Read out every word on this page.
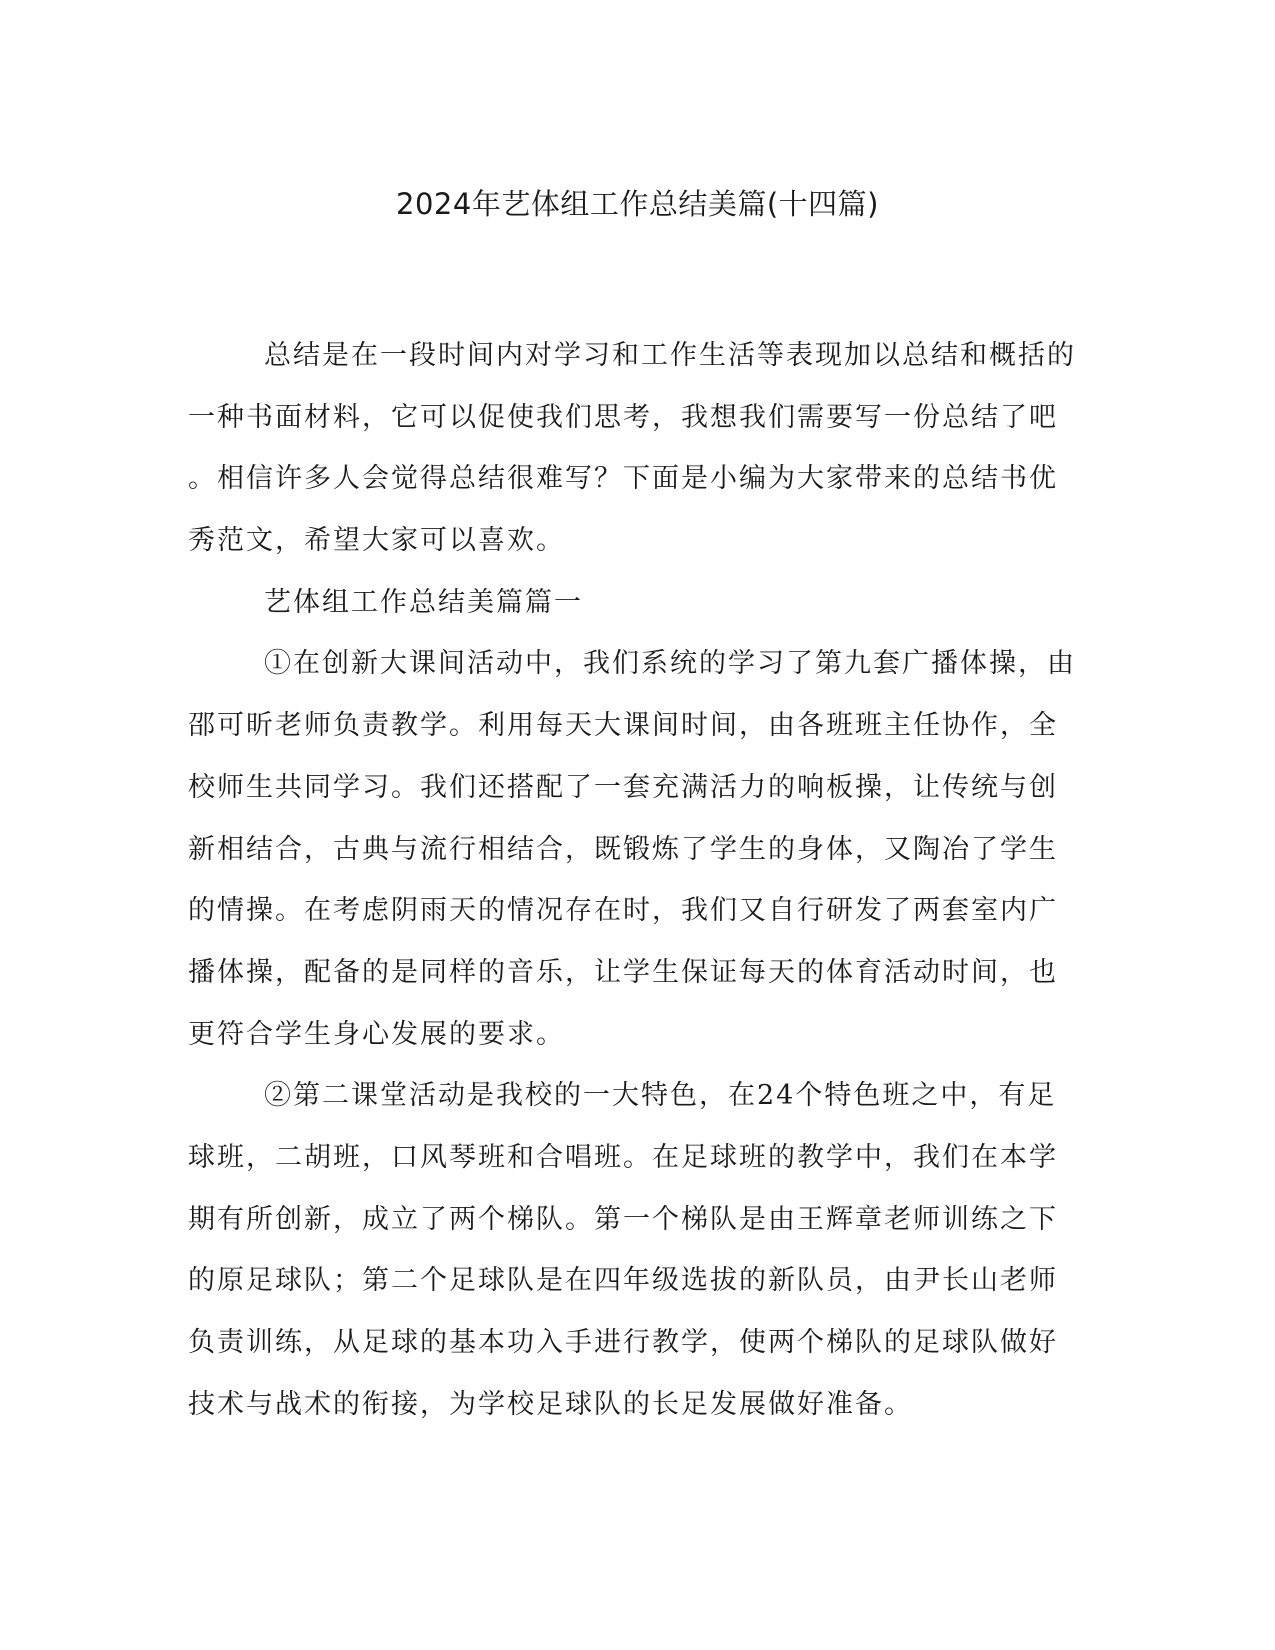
2024年艺体组工作总结美篇(十四篇)
总结是在一段时间内对学习和工作生活等表现加以总结和概括的
一种书面材料，它可以促使我们思考，我想我们需要写一份总结了吧
。相信许多人会觉得总结很难写？下面是小编为大家带来的总结书优
秀范文，希望大家可以喜欢。
艺体组工作总结美篇篇一
①在创新大课间活动中，我们系统的学习了第九套广播体操，由
邵可昕老师负责教学。利用每天大课间时间，由各班班主任协作，全
校师生共同学习。我们还搭配了一套充满活力的响板操，让传统与创
新相结合，古典与流行相结合，既锻炼了学生的身体，又陶冶了学生
的情操。在考虑阴雨天的情况存在时，我们又自行研发了两套室内广
播体操，配备的是同样的音乐，让学生保证每天的体育活动时间，也
更符合学生身心发展的要求。
②第二课堂活动是我校的一大特色，在24个特色班之中，有足
球班，二胡班，口风琴班和合唱班。在足球班的教学中，我们在本学
期有所创新，成立了两个梯队。第一个梯队是由王辉章老师训练之下
的原足球队；第二个足球队是在四年级选拔的新队员，由尹长山老师
负责训练，从足球的基本功入手进行教学，使两个梯队的足球队做好
技术与战术的衔接，为学校足球队的长足发展做好准备。
